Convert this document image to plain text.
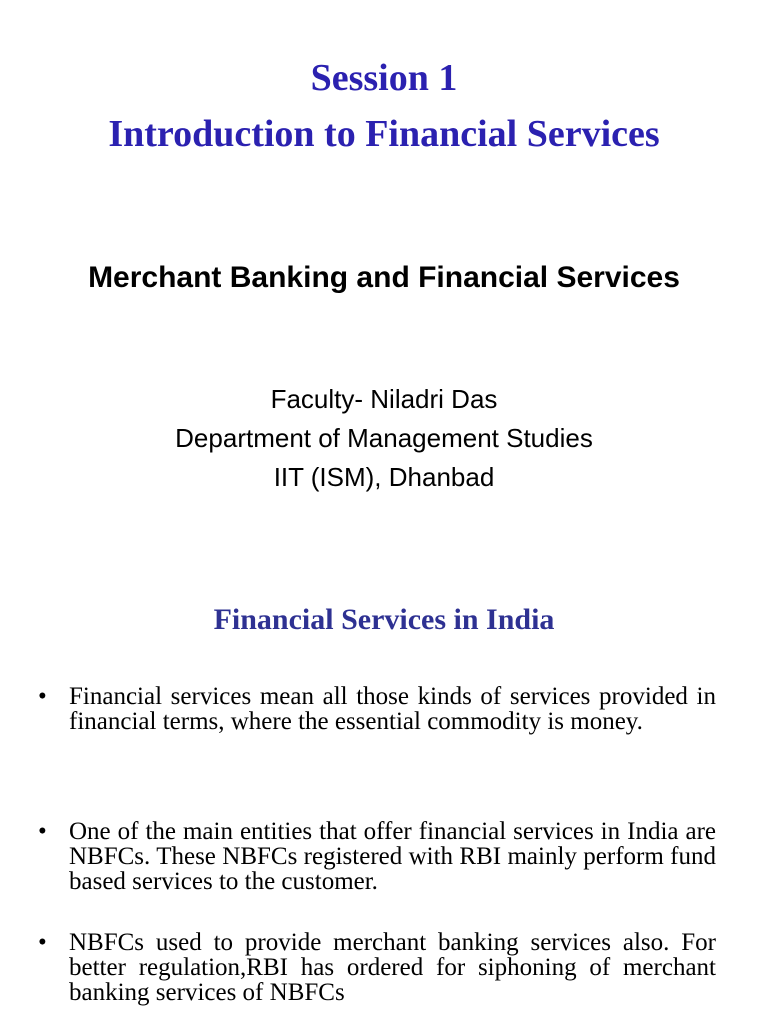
Session 1
Introduction to Financial Services
Merchant Banking and Financial Services
Faculty- Niladri Das
Department of Management Studies
IIT (ISM), Dhanbad
Financial Services in India
• Financial services mean all those kinds of services provided in financial terms, where the essential commodity is money.
• One of the main entities that offer financial services in India are NBFCs. These NBFCs registered with RBI mainly perform fund based services to the customer.
• NBFCs used to provide merchant banking services also. For better regulation,RBI has ordered for siphoning of merchant banking services of NBFCs
